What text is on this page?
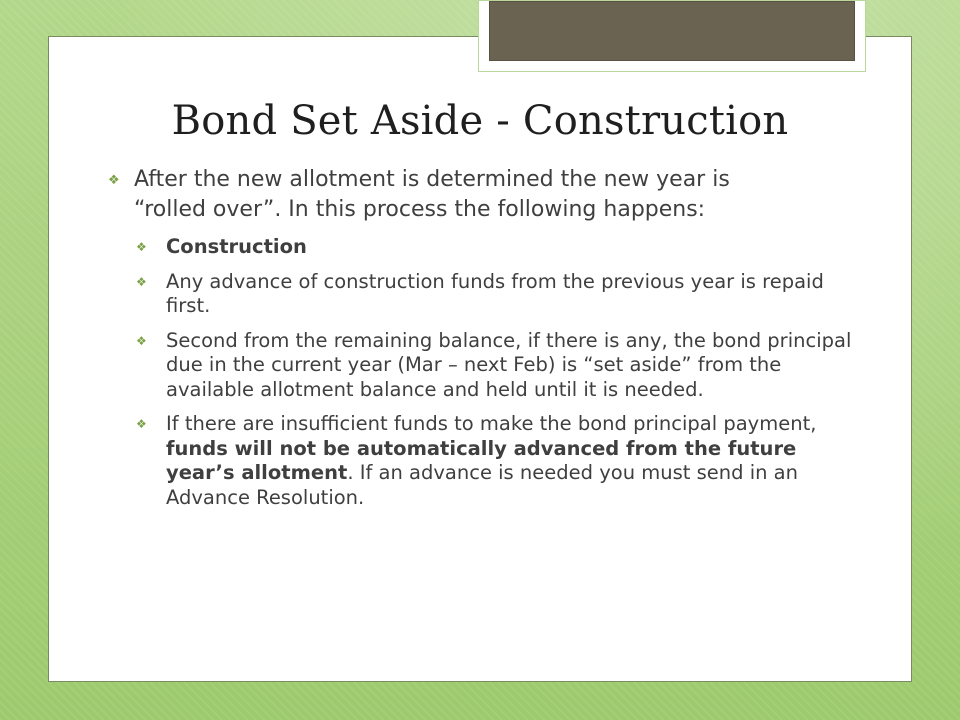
Bond Set Aside - Construction
❖ After the new allotment is determined the new year is
“rolled over”. In this process the following happens:
❖ Construction
❖ Any advance of construction funds from the previous year is repaid first.
❖ Second from the remaining balance, if there is any, the bond principal due in the current year (Mar – next Feb) is “set aside” from the available allotment balance and held until it is needed.
❖ If there are insufficient funds to make the bond principal payment, funds will not be automatically advanced from the future year’s allotment. If an advance is needed you must send in an Advance Resolution.
